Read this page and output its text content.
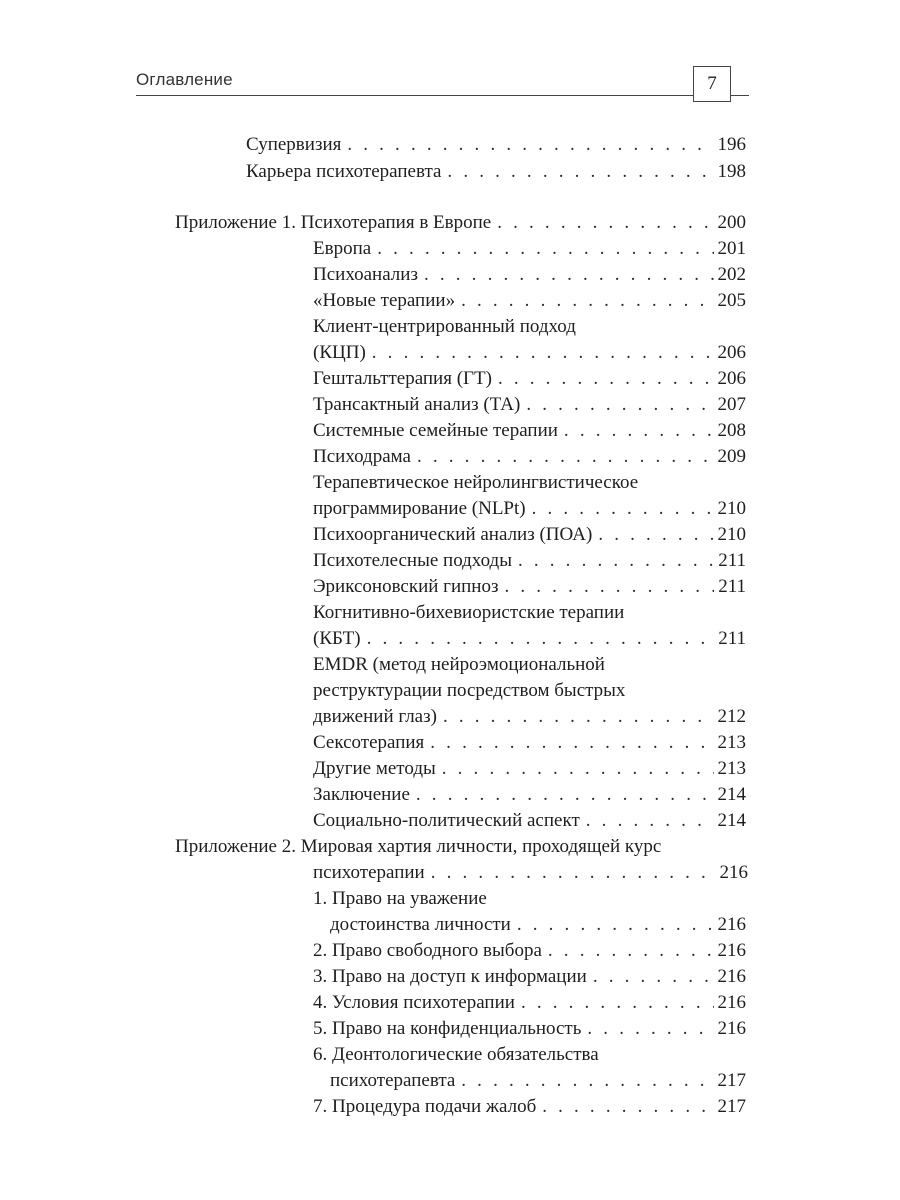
Оглавление	7
Супервизия . . .	196
Карьера психотерапевта . . .	198
Приложение 1. Психотерапия в Европе . . .	200
Европа . . .	201
Психоанализ . . .	202
«Новые терапии» . . .	205
Клиент-центрированный подход
(КЦП) . . .	206
Гештальттерапия (ГТ) . . .	206
Трансактный анализ (ТА) . . .	207
Системные семейные терапии . . .	208
Психодрама . . .	209
Терапевтическое нейролингвистическое
программирование (NLPt) . . .	210
Психоорганический анализ (ПОА) . . .	210
Психотелесные подходы . . .	211
Эриксоновский гипноз . . .	211
Когнитивно-бихевиористские терапии
(КБТ) . . .	211
EMDR (метод нейроэмоциональной
реструктурации посредством быстрых
движений глаз) . . .	212
Сексотерапия . . .	213
Другие методы . . .	213
Заключение . . .	214
Социально-политический аспект . . .	214
Приложение 2. Мировая хартия личности, проходящей курс
психотерапии . . .	216
1. Право на уважение
достоинства личности . . .	216
2. Право свободного выбора . . .	216
3. Право на доступ к информации . . .	216
4. Условия психотерапии . . .	216
5. Право на конфиденциальность . . .	216
6. Деонтологические обязательства
психотерапевта . . .	217
7. Процедура подачи жалоб . . .	217
